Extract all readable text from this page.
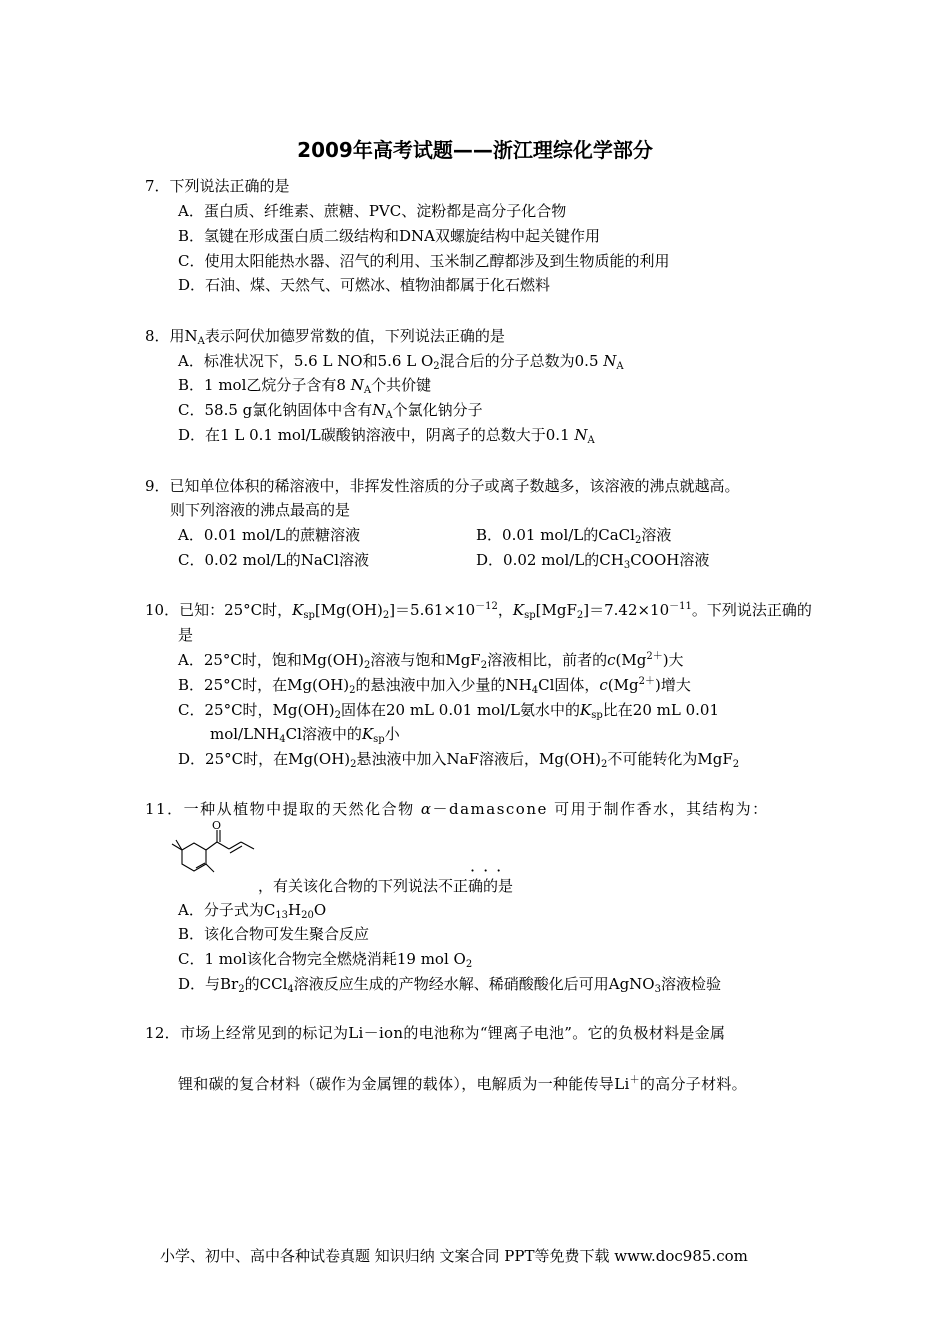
2009年高考试题——浙江理综化学部分
7．下列说法正确的是
A．蛋白质、纤维素、蔗糖、PVC、淀粉都是高分子化合物
B．氢键在形成蛋白质二级结构和DNA双螺旋结构中起关键作用
C．使用太阳能热水器、沼气的利用、玉米制乙醇都涉及到生物质能的利用
D．石油、煤、天然气、可燃冰、植物油都属于化石燃料
8．用$N_A$表示阿伏加德罗常数的值，下列说法正确的是
A．标准状况下，5.6 L NO和5.6 L $O_2$混合后的分子总数为0.5 $N_A$
B．1 mol乙烷分子含有8 $N_A$个共价键
C．58.5 g氯化钠固体中含有$N_A$个氯化钠分子
D．在1 L 0.1 mol/L碳酸钠溶液中，阴离子的总数大于0.1 $N_A$
9．已知单位体积的稀溶液中，非挥发性溶质的分子或离子数越多，该溶液的沸点就越高。
则下列溶液的沸点最高的是
A．0.01 mol/L的蔗糖溶液	B．0.01 mol/L的CaCl$_2$溶液
C．0.02 mol/L的NaCl溶液	D．0.02 mol/L的$CH_3COOH$溶液
10．已知：25°C时，$K_{sp}[Mg(OH)_2]=5.61\times 10^{-12}$，$K_{sp}[MgF_2]=7.42\times 10^{-11}$。下列说法正确的
是
A．25°C时，饱和$Mg(OH)_2$溶液与饱和MgF$_2$溶液相比，前者的$c(Mg^{2+})$大
B．25°C时，在$Mg(OH)_2$的悬浊液中加入少量的$NH_4Cl$固体，$c(Mg^{2+})$增大
C．25°C时，$Mg(OH)_2$固体在20 mL 0.01 mol/L氨水中的$K_{sp}$比在20 mL 0.01
mol/$LNH_4Cl$溶液中的$K_{sp}$小
D．25°C时，在$Mg(OH)_2$悬浊液中加入NaF溶液后，$Mg(OH)_2$不可能转化为MgF$_2$
11．一种从植物中提取的天然化合物 α－damascone 可用于制作香水，其结构为：
O
···
，有关该化合物的下列说法不正确的是
A．分子式为$C_{13}H_{20}O$
B．该化合物可发生聚合反应
C．1 mol该化合物完全燃烧消耗19 mol $O_2$
D．与$Br_2$的CCl$_4$溶液反应生成的产物经水解、稀硝酸酸化后可用AgNO$_3$溶液检验
12．市场上经常见到的标记为Li－ion的电池称为“锂离子电池”。它的负极材料是金属
锂和碳的复合材料（碳作为金属锂的载体），电解质为一种能传导Li＋的高分子材料。
小学、初中、高中各种试卷真题 知识归纳 文案合同 PPT等免费下载 www.doc985.com
